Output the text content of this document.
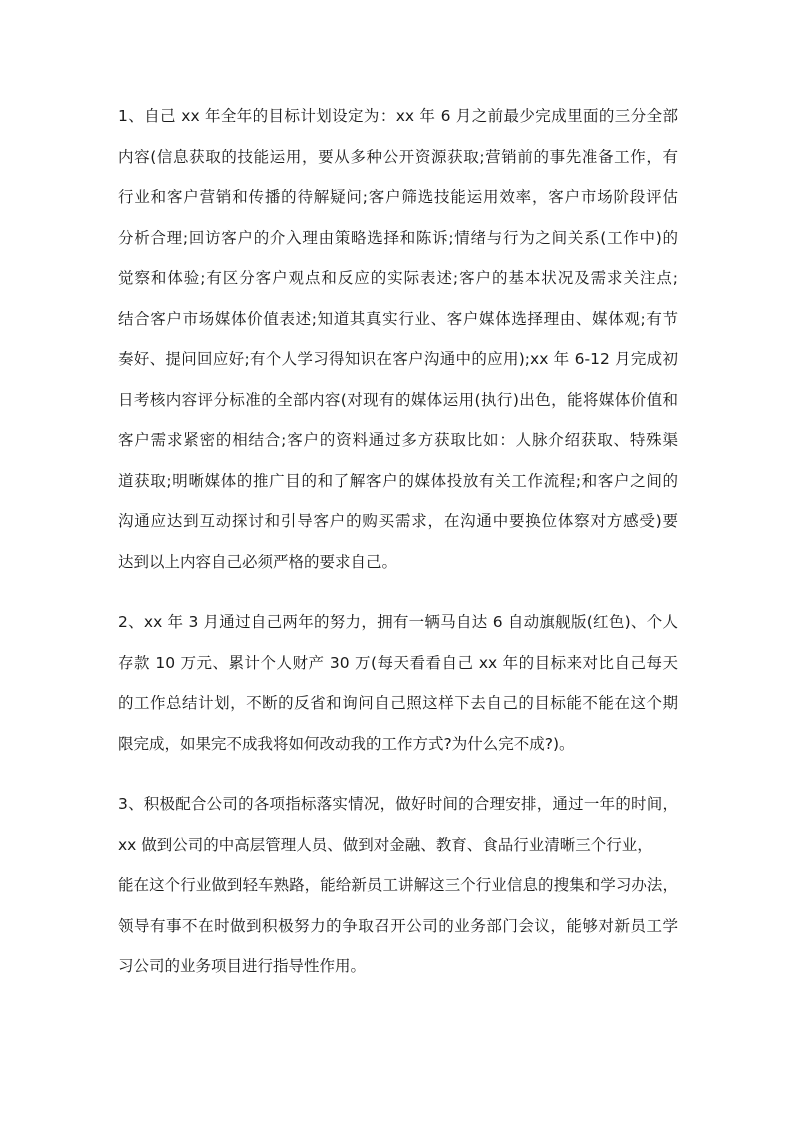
1、自己 xx 年全年的目标计划设定为：xx 年 6 月之前最少完成里面的三分全部
内容(信息获取的技能运用，要从多种公开资源获取;营销前的事先准备工作，有
行业和客户营销和传播的待解疑问;客户筛选技能运用效率，客户市场阶段评估
分析合理;回访客户的介入理由策略选择和陈诉;情绪与行为之间关系(工作中)的
觉察和体验;有区分客户观点和反应的实际表述;客户的基本状况及需求关注点;
结合客户市场媒体价值表述;知道其真实行业、客户媒体选择理由、媒体观;有节
奏好、提问回应好;有个人学习得知识在客户沟通中的应用);xx 年 6-12 月完成初
日考核内容评分标准的全部内容(对现有的媒体运用(执行)出色，能将媒体价值和
客户需求紧密的相结合;客户的资料通过多方获取比如：人脉介绍获取、特殊渠
道获取;明晰媒体的推广目的和了解客户的媒体投放有关工作流程;和客户之间的
沟通应达到互动探讨和引导客户的购买需求，在沟通中要换位体察对方感受)要
达到以上内容自己必须严格的要求自己。
2、xx 年 3 月通过自己两年的努力，拥有一辆马自达 6 自动旗舰版(红色)、个人
存款 10 万元、累计个人财产 30 万(每天看看自己 xx 年的目标来对比自己每天
的工作总结计划，不断的反省和询问自己照这样下去自己的目标能不能在这个期
限完成，如果完不成我将如何改动我的工作方式?为什么完不成?)。
3、积极配合公司的各项指标落实情况，做好时间的合理安排，通过一年的时间，
xx 做到公司的中高层管理人员、做到对金融、教育、食品行业清晰三个行业，
能在这个行业做到轻车熟路，能给新员工讲解这三个行业信息的搜集和学习办法，
领导有事不在时做到积极努力的争取召开公司的业务部门会议，能够对新员工学
习公司的业务项目进行指导性作用。
